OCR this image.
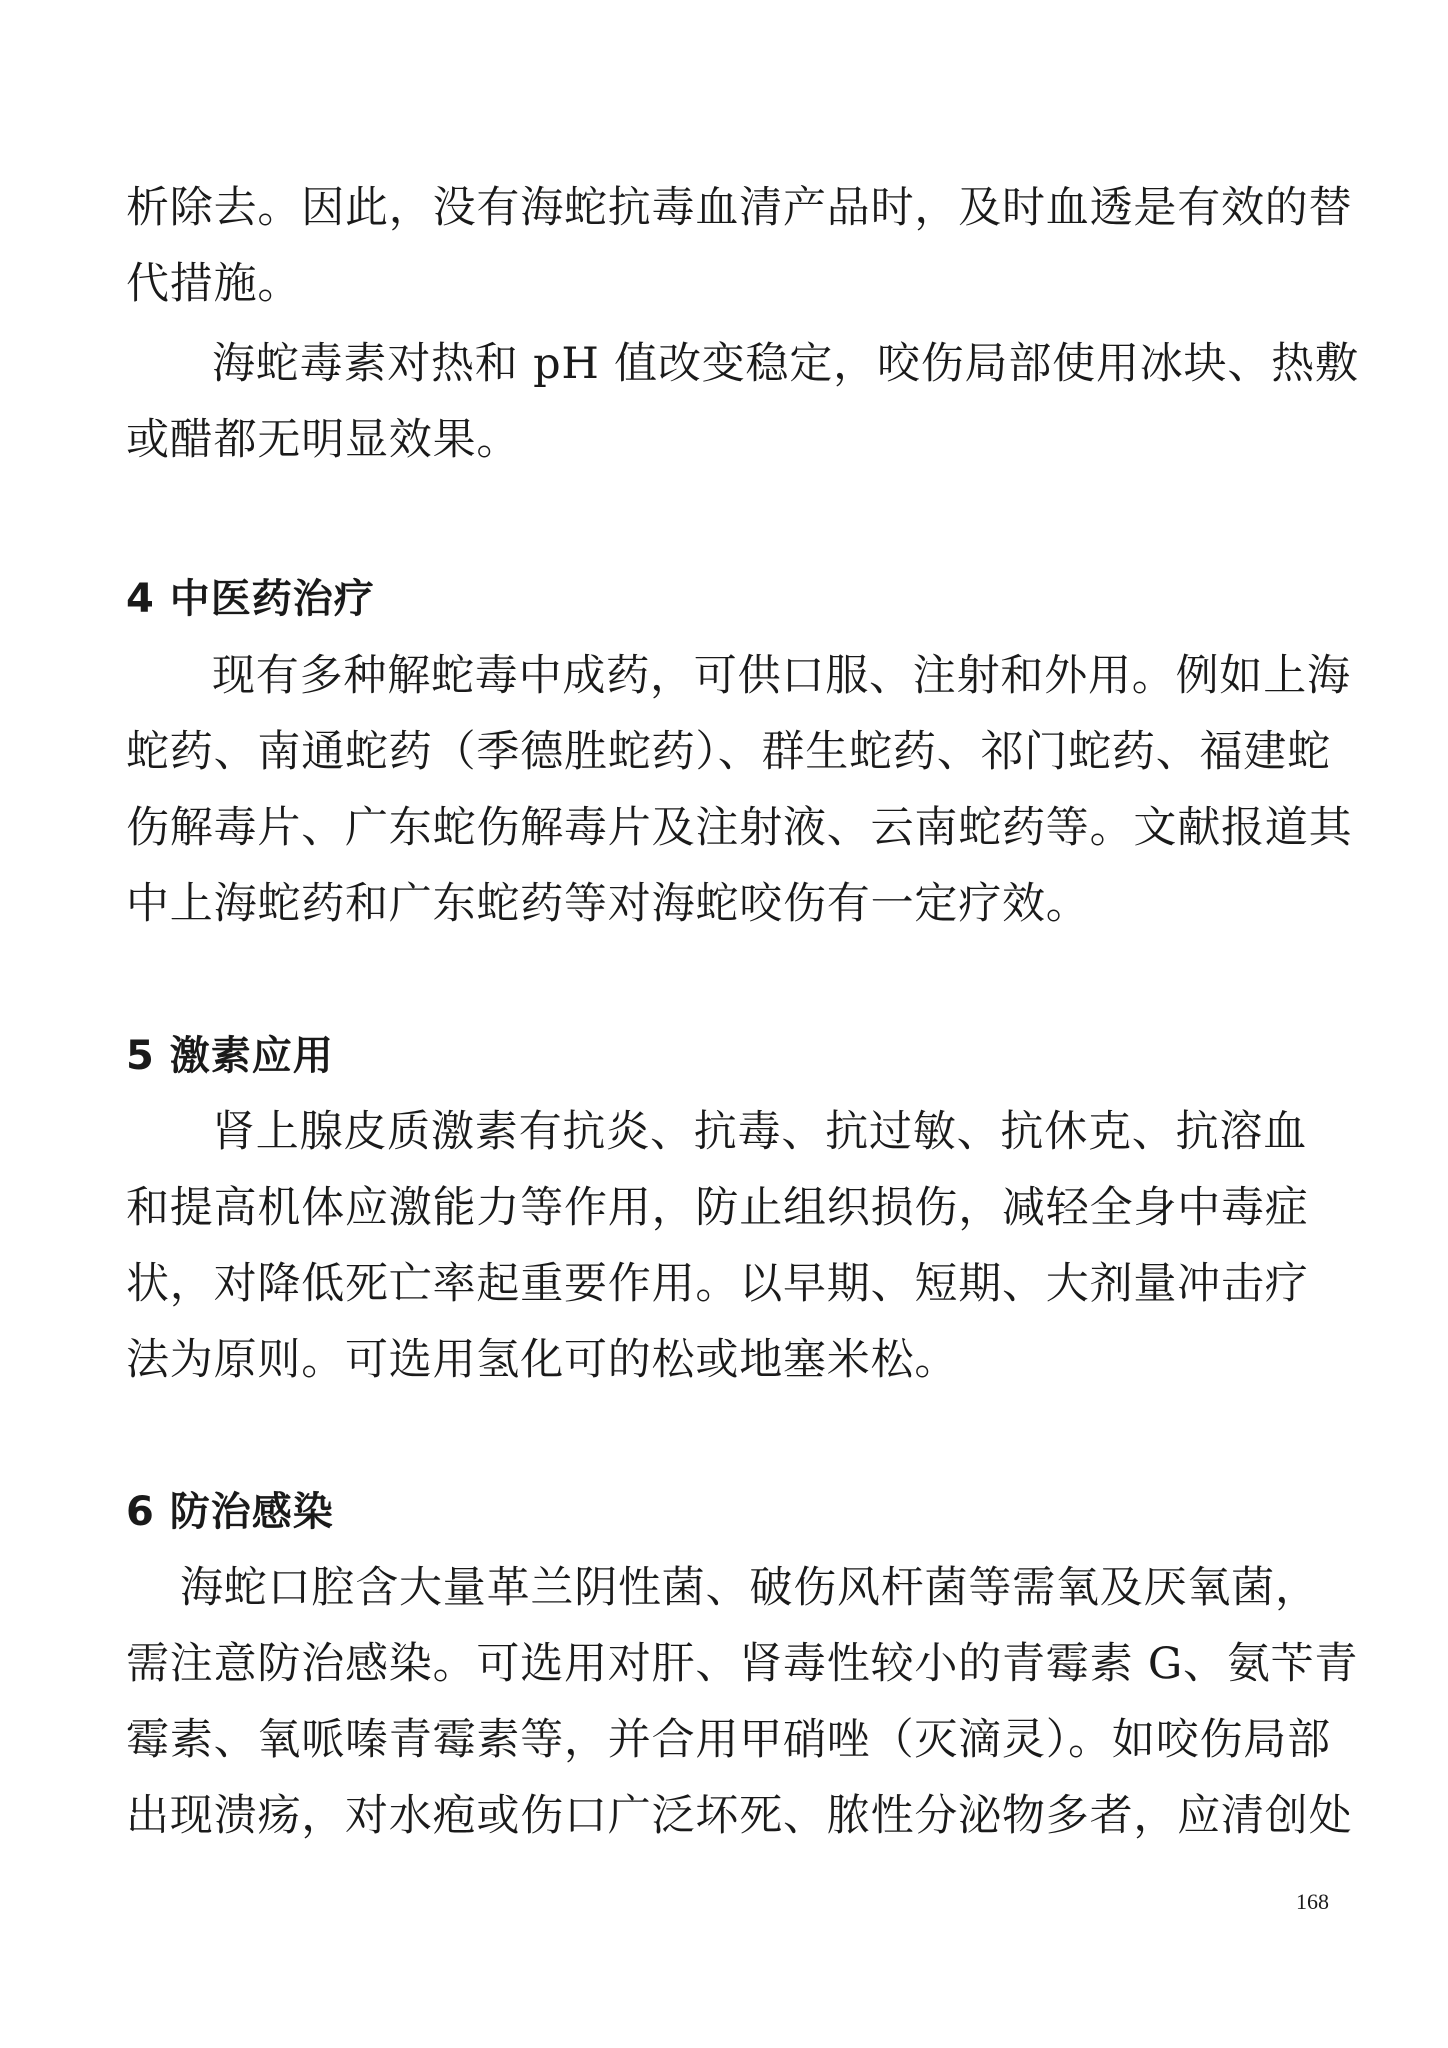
析除去。因此，没有海蛇抗毒血清产品时，及时血透是有效的替

代措施。

海蛇毒素对热和 pH 值改变稳定，咬伤局部使用冰块、热敷

或醋都无明显效果。

4 中医药治疗

现有多种解蛇毒中成药，可供口服、注射和外用。例如上海

蛇药、南通蛇药（季德胜蛇药）、群生蛇药、祁门蛇药、福建蛇

伤解毒片、广东蛇伤解毒片及注射液、云南蛇药等。文献报道其

中上海蛇药和广东蛇药等对海蛇咬伤有一定疗效。

5 激素应用

肾上腺皮质激素有抗炎、抗毒、抗过敏、抗休克、抗溶血

和提高机体应激能力等作用，防止组织损伤，减轻全身中毒症

状，对降低死亡率起重要作用。以早期、短期、大剂量冲击疗

法为原则。可选用氢化可的松或地塞米松。

6 防治感染

海蛇口腔含大量革兰阴性菌、破伤风杆菌等需氧及厌氧菌，

需注意防治感染。可选用对肝、肾毒性较小的青霉素 G、氨苄青

霉素、氧哌嗪青霉素等，并合用甲硝唑（灭滴灵）。如咬伤局部

出现溃疡，对水疱或伤口广泛坏死、脓性分泌物多者，应清创处

168
